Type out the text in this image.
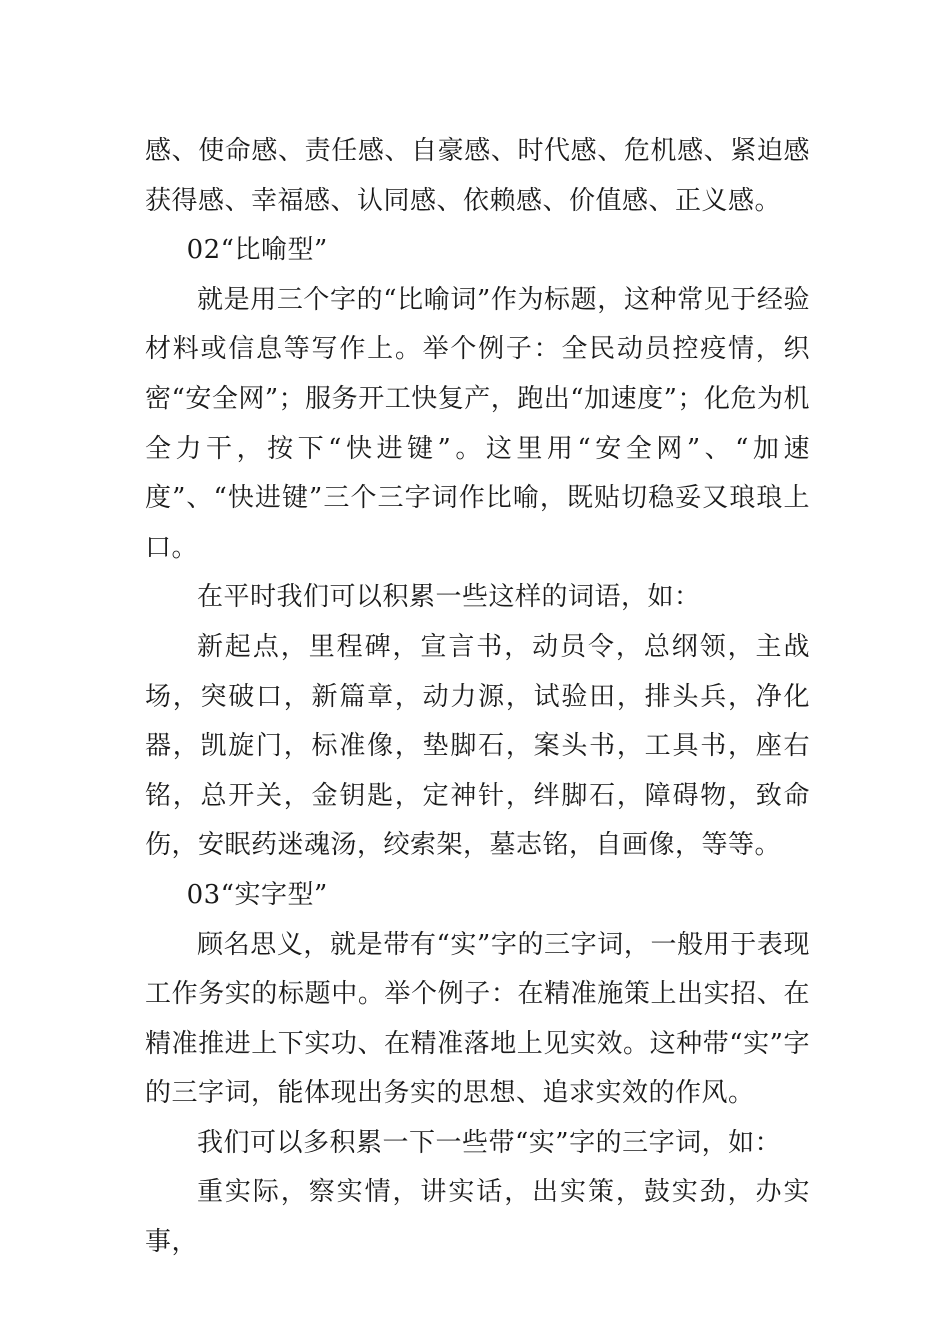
感、使命感、责任感、自豪感、时代感、危机感、紧迫感获得感、幸福感、认同感、依赖感、价值感、正义感。

02“比喻型”

就是用三个字的“比喻词”作为标题，这种常见于经验材料或信息等写作上。举个例子：全民动员控疫情，织密“安全网”；服务开工快复产，跑出“加速度”；化危为机全力干，按下“快进键”。这里用“安全网”、“加速度”、“快进键”三个三字词作比喻，既贴切稳妥又琅琅上口。

在平时我们可以积累一些这样的词语，如：

新起点，里程碑，宣言书，动员令，总纲领，主战场，突破口，新篇章，动力源，试验田，排头兵，净化器，凯旋门，标准像，垫脚石，案头书，工具书，座右铭，总开关，金钥匙，定神针，绊脚石，障碍物，致命伤，安眠药迷魂汤，绞索架，墓志铭，自画像，等等。

03“实字型”

顾名思义，就是带有“实”字的三字词，一般用于表现工作务实的标题中。举个例子：在精准施策上出实招、在精准推进上下实功、在精准落地上见实效。这种带“实”字的三字词，能体现出务实的思想、追求实效的作风。

我们可以多积累一下一些带“实”字的三字词，如：

重实际，察实情，讲实话，出实策，鼓实劲，办实事，
